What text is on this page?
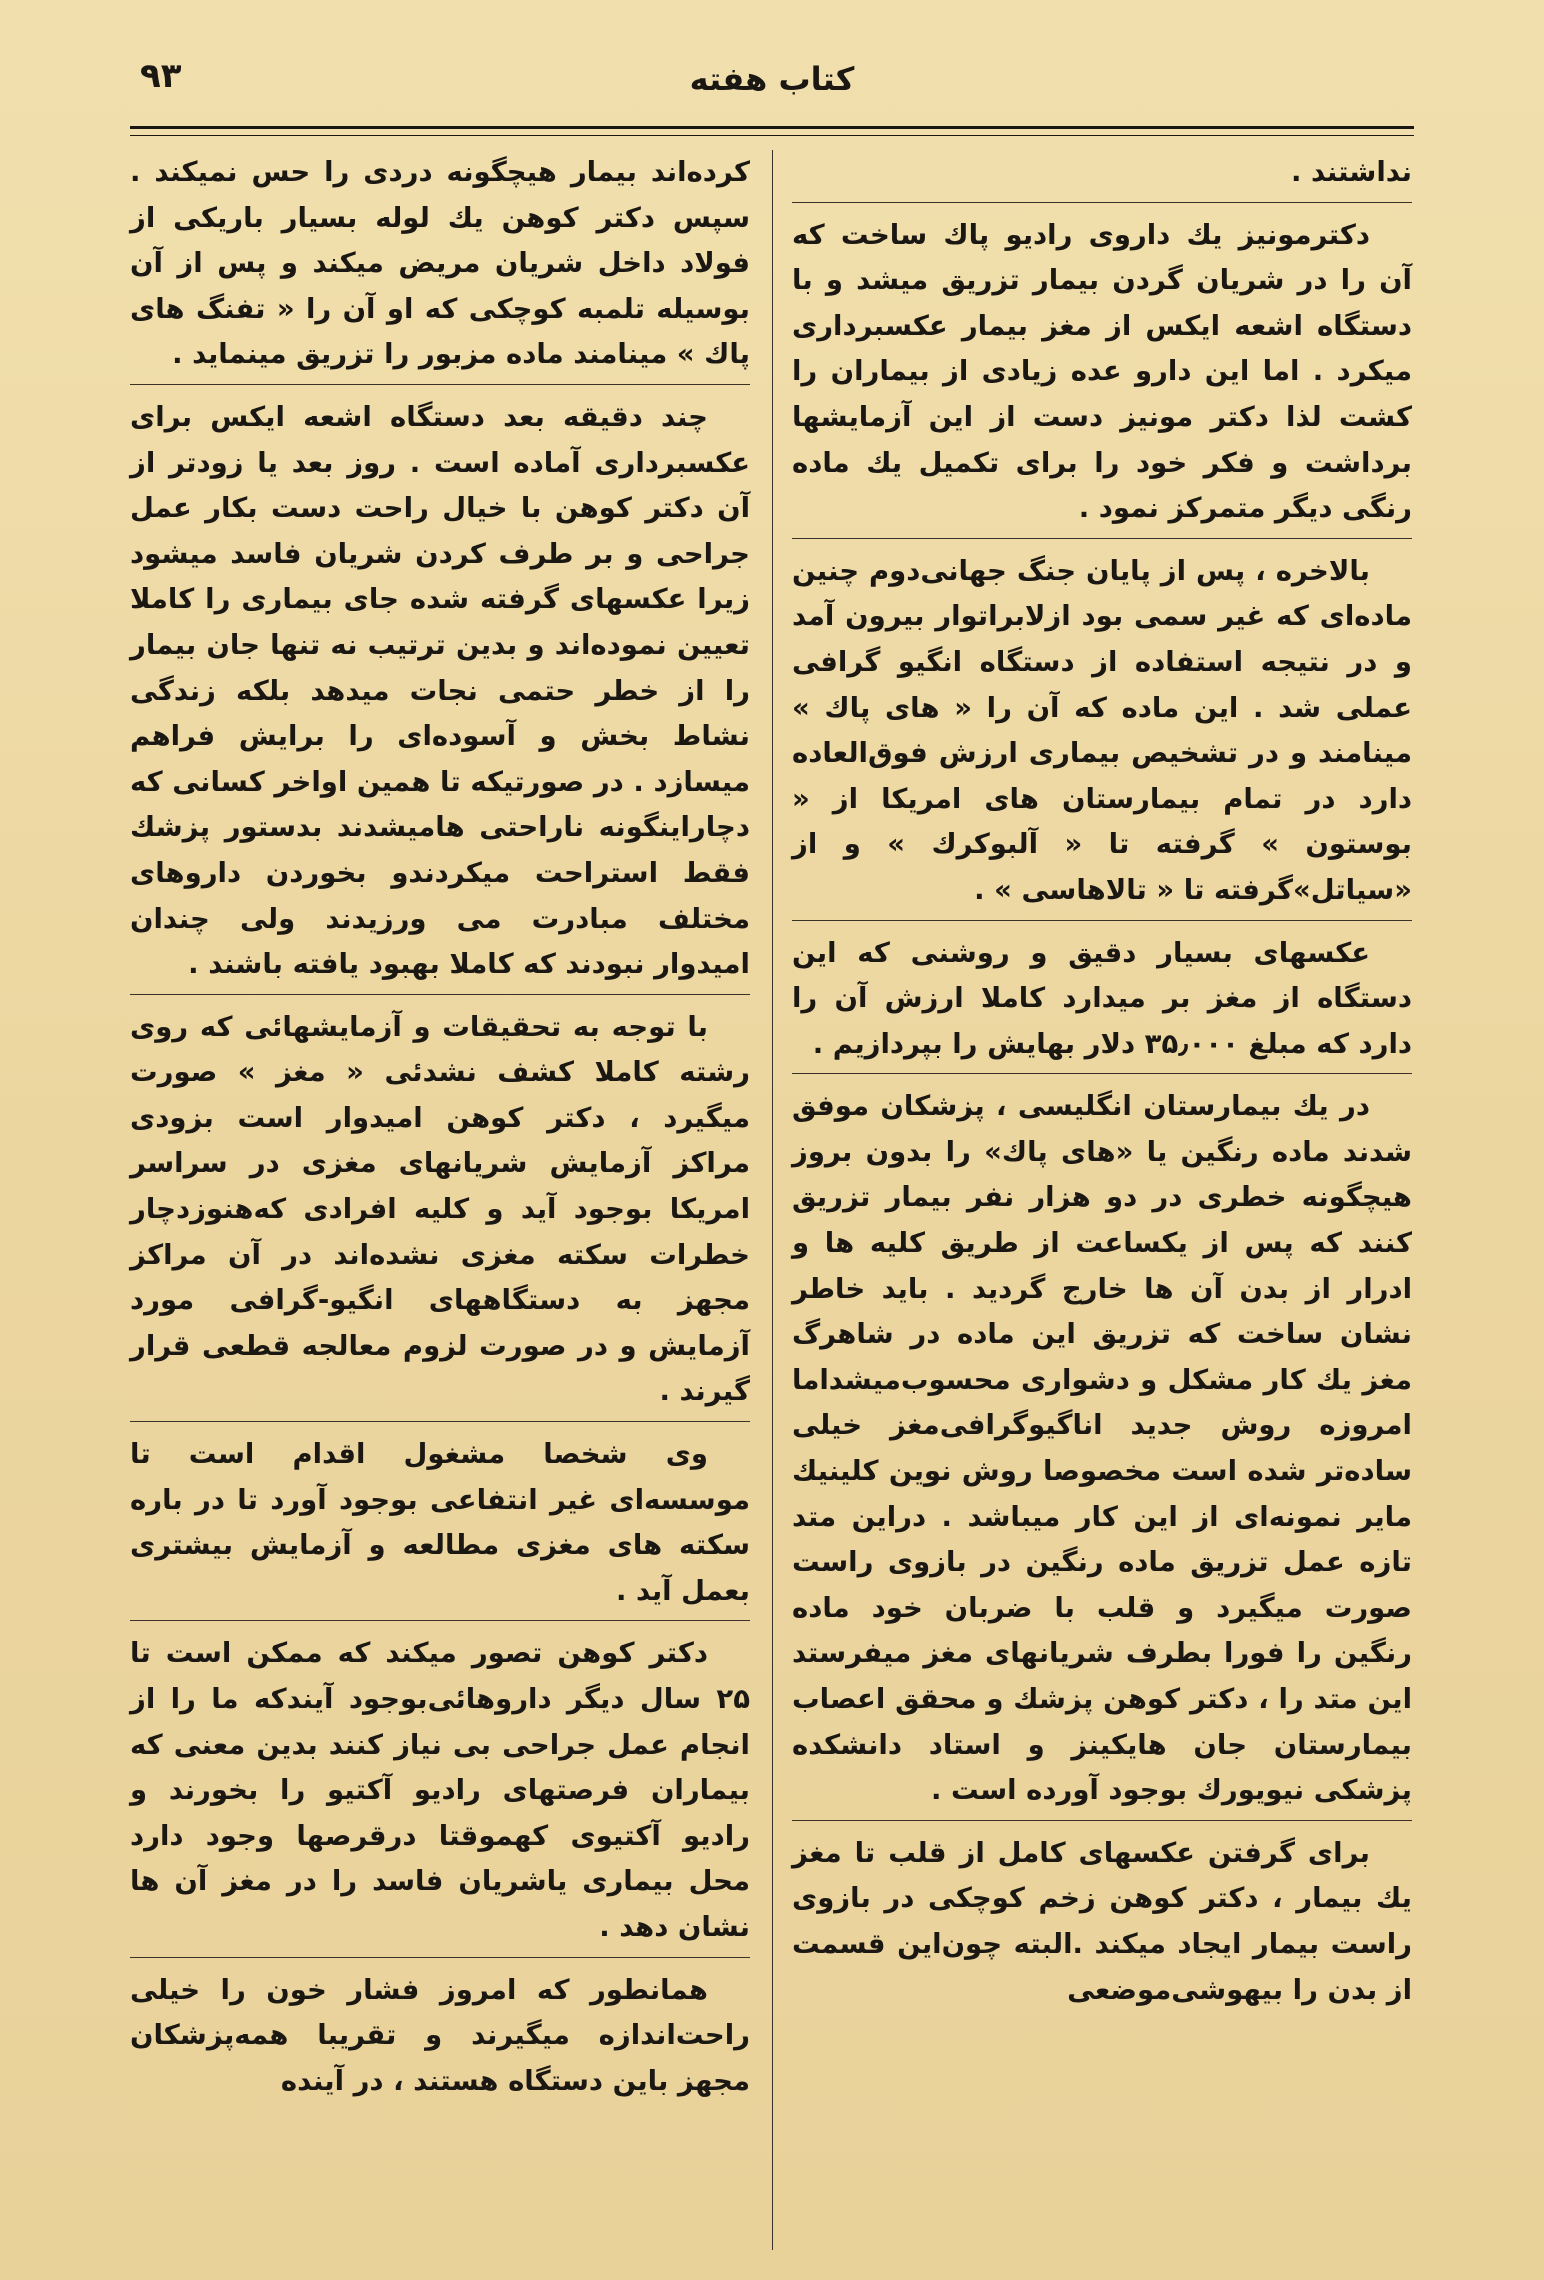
۹۳	کتاب هفته

نداشتند .

دکترمونیز یك داروی رادیو پاك ساخت که آن را در شریان گردن بیمار تزریق میشد و با دستگاه اشعه ایکس از مغز بیمار عکسبرداری میکرد . اما این دارو عده زیادی از بیماران را کشت لذا دکتر مونیز دست از این آزمایشها برداشت و فکر خود را برای تکمیل یك ماده رنگی دیگر متمرکز نمود .

بالاخره ، پس از پایان جنگ جهانی‌دوم چنین ماده‌ای که غیر سمی بود ازلابراتوار بیرون آمد و در نتیجه استفاده از دستگاه انگیو گرافی عملی شد . این ماده که آن را « های پاك » مینامند و در تشخیص بیماری ارزش فوق‌العاده دارد در تمام بیمارستان های امریکا از « بوستون » گرفته تا « آلبوکرك » و از «سیاتل»گرفته تا « تالاهاسی » .

عکسهای بسیار دقیق و روشنی که این دستگاه از مغز بر میدارد کاملا ارزش آن را دارد که مبلغ ۳۵٫۰۰۰ دلار بهایش را بپردازیم .

در یك بیمارستان انگلیسی ، پزشکان موفق شدند ماده رنگین یا «های پاك» را بدون بروز هیچگونه خطری در دو هزار نفر بیمار تزریق کنند که پس از یکساعت از طریق کلیه ها و ادرار از بدن آن ها خارج گردید . باید خاطر نشان ساخت که تزریق این ماده در شاهرگ مغز یك کار مشکل و دشواری محسوب‌میشداما امروزه روش جدید اناگیوگرافی‌مغز خیلی ساده‌تر شده است مخصوصا روش نوین کلینیك مایر نمونه‌ای از این کار میباشد . دراین متد تازه عمل تزریق ماده رنگین در بازوی راست صورت میگیرد و قلب با ضربان خود ماده رنگین را فورا بطرف شریانهای مغز میفرستد این متد را ، دکتر کوهن پزشك و محقق اعصاب بیمارستان جان هایکینز و استاد دانشکده پزشکی نیویورك بوجود آورده است .

برای گرفتن عکسهای کامل از قلب تا مغز یك بیمار ، دکتر کوهن زخم کوچکی در بازوی راست بیمار ایجاد میکند .البته چون‌این قسمت از بدن را بیهوشی‌موضعی

کرده‌اند بیمار هیچگونه دردی را حس نمیکند . سپس دکتر کوهن یك لوله بسیار باریکی از فولاد داخل شریان مریض میکند و پس از آن بوسیله تلمبه کوچکی که او آن را « تفنگ های پاك » مینامند ماده مزبور را تزریق مینماید .

چند دقیقه بعد دستگاه اشعه ایکس برای عکسبرداری آماده است . روز بعد یا زودتر از آن دکتر کوهن با خیال راحت دست بکار عمل جراحی و بر طرف کردن شریان فاسد میشود زیرا عکسهای گرفته شده جای بیماری را کاملا تعیین نموده‌اند و بدین ترتیب نه تنها جان بیمار را از خطر حتمی نجات میدهد بلکه زندگی نشاط بخش و آسوده‌ای را برایش فراهم میسازد . در صورتیکه تا همین اواخر کسانی که دچاراینگونه ناراحتی هامیشدند بدستور پزشك فقط استراحت میکردندو بخوردن داروهای مختلف مبادرت می ورزیدند ولی چندان امیدوار نبودند که کاملا بهبود یافته باشند .

با توجه به تحقیقات و آزمایشهائی که روی رشته کاملا کشف نشدئی « مغز » صورت میگیرد ، دکتر کوهن امیدوار است بزودی مراکز آزمایش شریانهای مغزی در سراسر امریکا بوجود آید و کلیه افرادی که‌هنوزدچار خطرات سکته مغزی نشده‌اند در آن مراکز مجهز به دستگاههای انگیو-گرافی مورد آزمایش و در صورت لزوم معالجه قطعی قرار گیرند .

وی شخصا مشغول اقدام است تا موسسه‌ای غیر انتفاعی بوجود آورد تا در باره سکته های مغزی مطالعه و آزمایش بیشتری بعمل آید .

دکتر کوهن تصور میکند که ممکن است تا ۲۵ سال دیگر داروهائی‌بوجود آیندکه ما را از انجام عمل جراحی بی نیاز کنند بدین معنی که بیماران فرصتهای رادیو آکتیو را بخورند و رادیو آکتیوی کهموقتا درقرصها وجود دارد محل بیماری یاشریان فاسد را در مغز آن ها نشان دهد .

همانطور که امروز فشار خون را خیلی راحت‌اندازه میگیرند و تقریبا همه‌پزشکان مجهز باین دستگاه هستند ، در آینده
